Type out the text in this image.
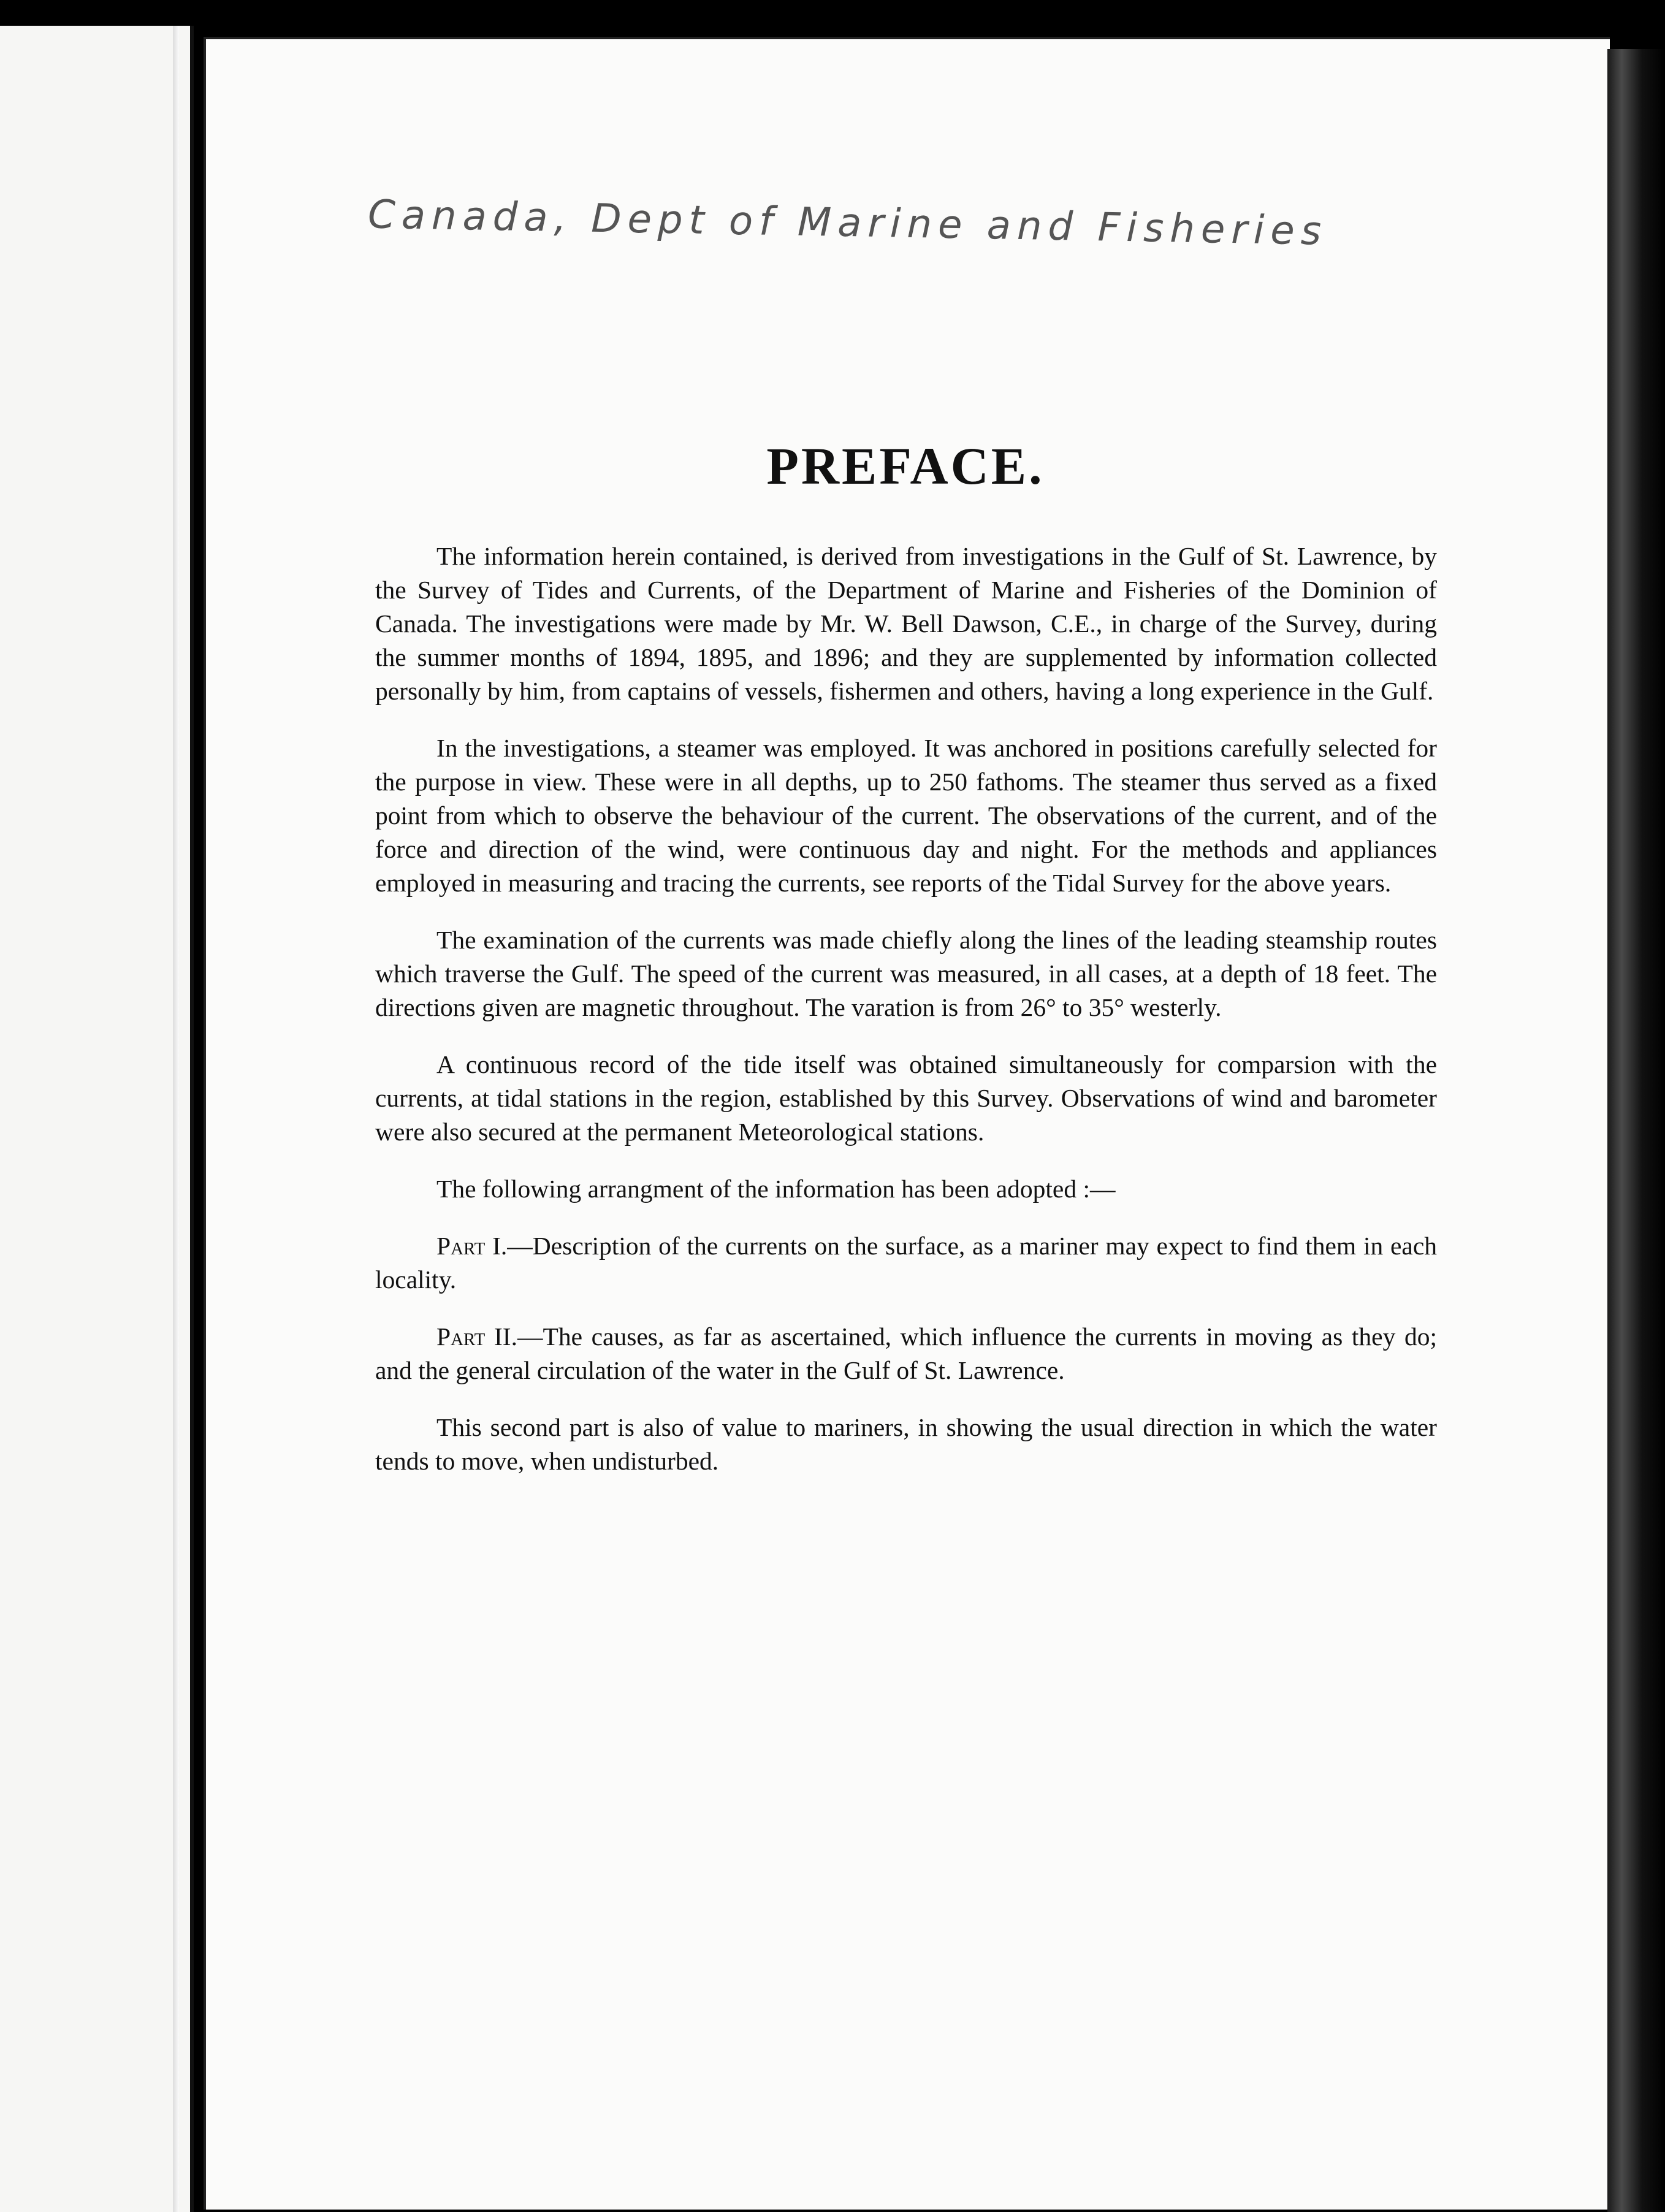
Canada, Dept of Marine and Fisheries
PREFACE.

The information herein contained, is derived from investigations in the Gulf of St. Lawrence, by the Survey of Tides and Currents, of the Department of Marine and Fisheries of the Dominion of Canada. The investigations were made by Mr. W. Bell Dawson, C.E., in charge of the Survey, during the summer months of 1894, 1895, and 1896; and they are supplemented by information collected personally by him, from captains of vessels, fishermen and others, having a long experience in the Gulf.

In the investigations, a steamer was employed. It was anchored in positions carefully selected for the purpose in view. These were in all depths, up to 250 fathoms. The steamer thus served as a fixed point from which to observe the behaviour of the current. The observations of the current, and of the force and direction of the wind, were continuous day and night. For the methods and appliances employed in measuring and tracing the currents, see reports of the Tidal Survey for the above years.

The examination of the currents was made chiefly along the lines of the leading steamship routes which traverse the Gulf. The speed of the current was measured, in all cases, at a depth of 18 feet. The directions given are magnetic throughout. The varation is from 26° to 35° westerly.

A continuous record of the tide itself was obtained simultaneously for comparsion with the currents, at tidal stations in the region, established by this Survey. Observations of wind and barometer were also secured at the permanent Meteorological stations.

The following arrangment of the information has been adopted :—

Part I.—Description of the currents on the surface, as a mariner may expect to find them in each locality.

Part II.—The causes, as far as ascertained, which influence the currents in moving as they do; and the general circulation of the water in the Gulf of St. Lawrence.

This second part is also of value to mariners, in showing the usual direction in which the water tends to move, when undisturbed.
